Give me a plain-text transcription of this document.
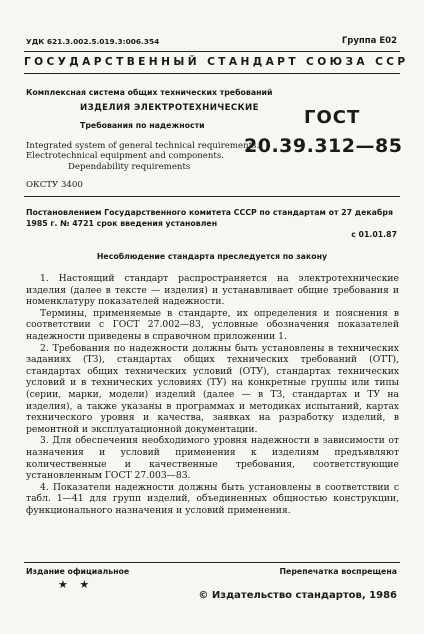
УДК 621.3.002.5.019.3:006.354	Группа Е02
ГОСУДАРСТВЕННЫЙ СТАНДАРТ СОЮЗА ССР
Комплексная система общих технических требований
ИЗДЕЛИЯ ЭЛЕКТРОТЕХНИЧЕСКИЕ
Требования по надежности
Integrated system of general technical requirements.
Electrotechnical equipment and components.
Dependability requirements
ГОСТ
20.39.312—85
ОКСТУ 3400
Постановлением Государственного комитета СССР по стандартам от 27 декабря 1985 г. № 4721 срок введения установлен
с 01.01.87
Несоблюдение стандарта преследуется по закону

1. Настоящий стандарт распространяется на электротехнические изделия (далее в тексте — изделия) и устанавливает общие требования и номенклатуру показателей надежности.

Термины, применяемые в стандарте, их определения и пояснения в соответствии с ГОСТ 27.002—83, условные обозначения показателей надежности приведены в справочном приложении 1.

2. Требования по надежности должны быть установлены в технических заданиях (ТЗ), стандартах общих технических требований (ОТТ), стандартах общих технических условий (ОТУ), стандартах технических условий и в технических условиях (ТУ) на конкретные группы или типы (серии, марки, модели) изделий (далее — в ТЗ, стандартах и ТУ на изделия), а также указаны в программах и методиках испытаний, картах технического уровня и качества, заявках на разработку изделий, в ремонтной и эксплуатационной документации.

3. Для обеспечения необходимого уровня надежности в зависимости от назначения и условий применения к изделиям предъявляют количественные и качественные требования, соответствующие установленным ГОСТ 27.003—83.

4. Показатели надежности должны быть установлены в соответствии с табл. 1—41 для групп изделий, объединенных общностью конструкции, функционального назначения и условий применения.

Издание официальное
★ ★
Перепечатка воспрещена
© Издательство стандартов, 1986
